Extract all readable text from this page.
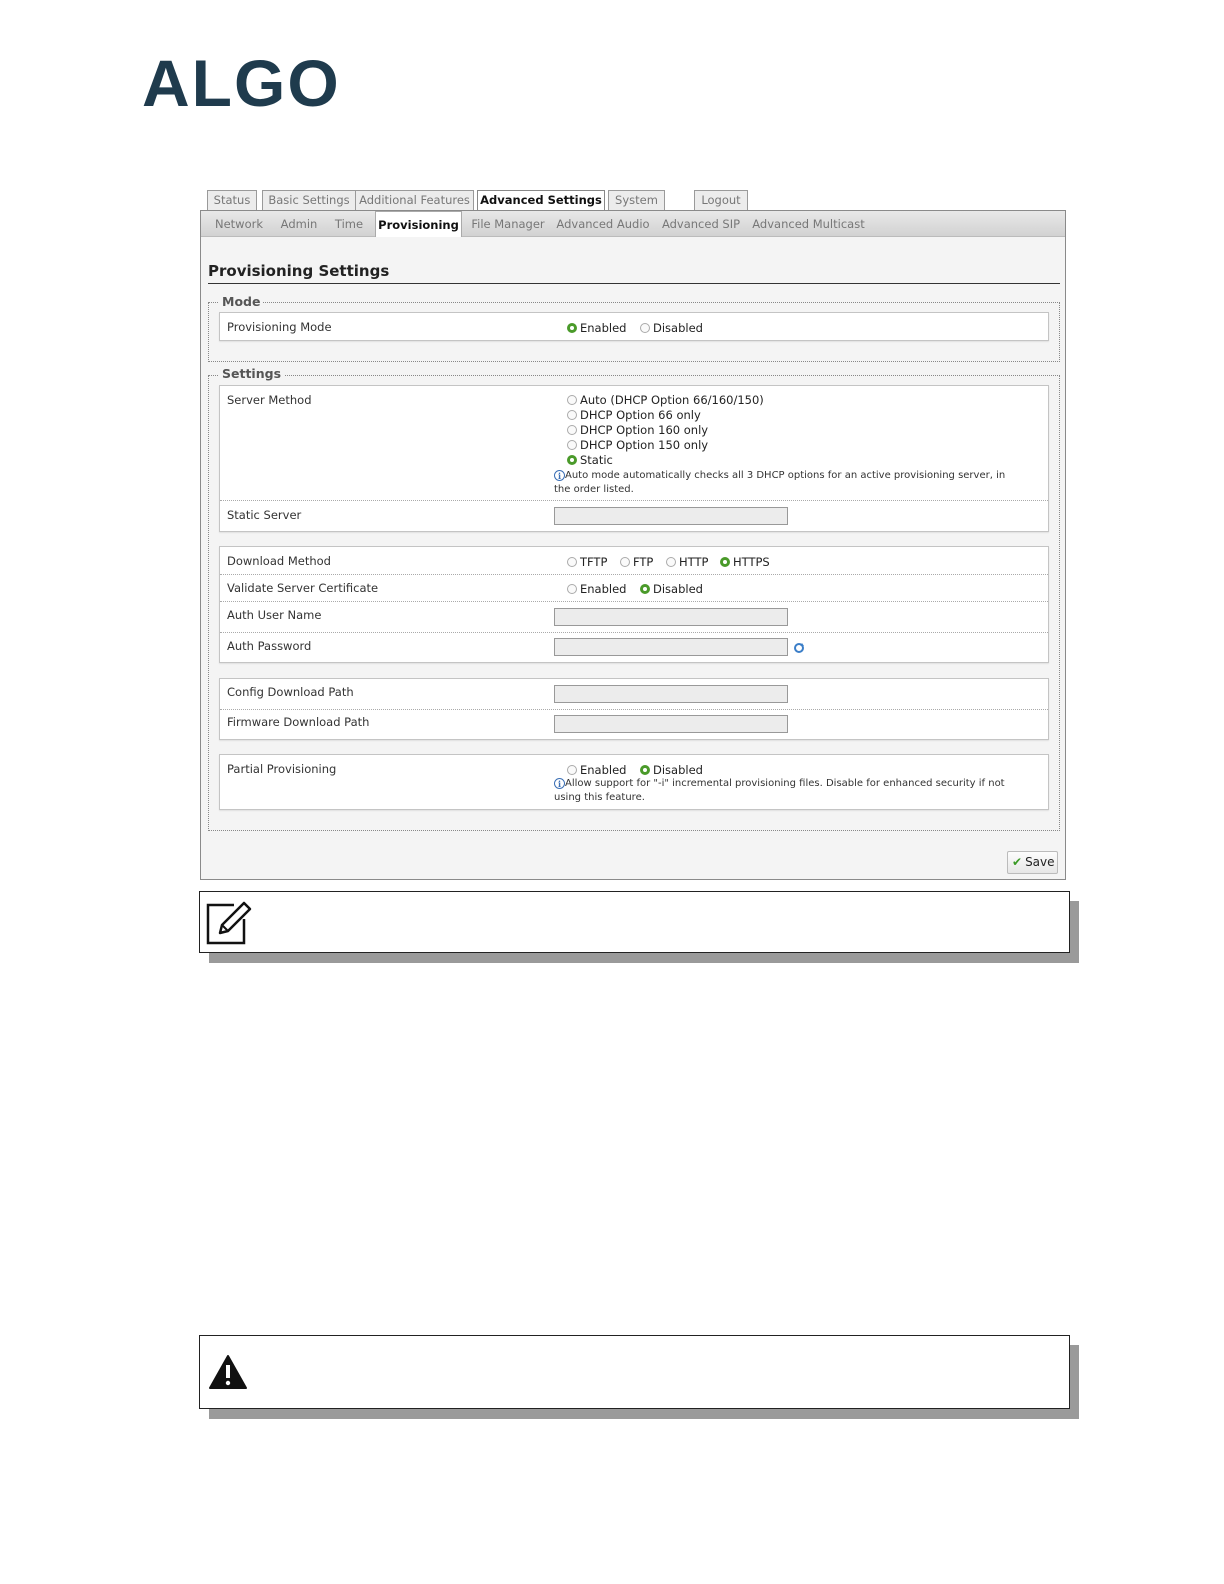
ALGO
Status	Basic Settings Additional Features Advanced Settings	System	Logout
Network	Admin	Time	Provisioning	File Manager	Advanced Audio	Advanced SIP	Advanced Multicast
Provisioning Settings
Mode
Provisioning Mode	Enabled	Disabled
Settings
Server Method	Auto (DHCP Option 66/160/150)
DHCP Option 66 only
DHCP Option 160 only
DHCP Option 150 only
Static
i Auto mode automatically checks all 3 DHCP options for an active provisioning server, in
the order listed.
Static Server
Download Method	TFTP	FTP	HTTP	HTTPS
Validate Server Certificate	Enabled	Disabled
Auth User Name
Auth Password
Config Download Path
Firmware Download Path
Partial Provisioning	Enabled	Disabled
i Allow support for "-i" incremental provisioning files. Disable for enhanced security if not
using this feature.
✔ Save
